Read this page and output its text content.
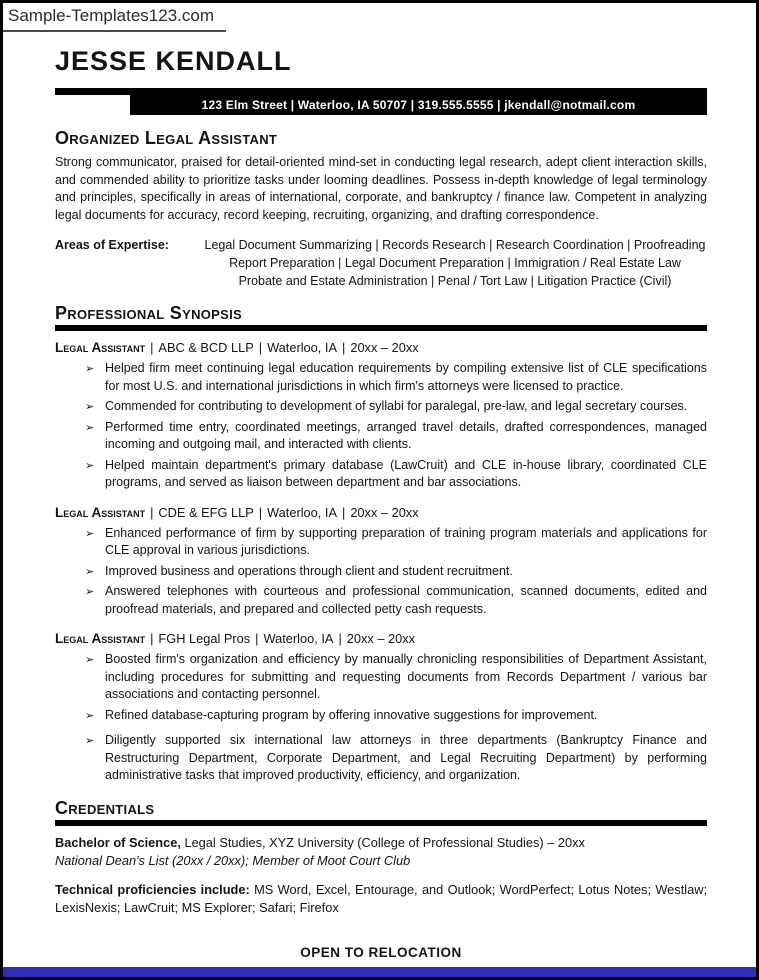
Sample-Templates123.com
JESSE KENDALL
123 Elm Street | Waterloo, IA 50707 | 319.555.5555 | jkendall@notmail.com
Organized Legal Assistant

Strong communicator, praised for detail-oriented mind-set in conducting legal research, adept client interaction skills, and commended ability to prioritize tasks under looming deadlines. Possess in-depth knowledge of legal terminology and principles, specifically in areas of international, corporate, and bankruptcy / finance law. Competent in analyzing legal documents for accuracy, record keeping, recruiting, organizing, and drafting correspondence.

Areas of Expertise:	Legal Document Summarizing | Records Research | Research Coordination | Proofreading
Report Preparation | Legal Document Preparation | Immigration / Real Estate Law
Probate and Estate Administration | Penal / Tort Law | Litigation Practice (Civil)
Professional Synopsis
Legal Assistant | ABC & BCD LLP | Waterloo, IA | 20xx – 20xx
➢ Helped firm meet continuing legal education requirements by compiling extensive list of CLE specifications for most U.S. and international jurisdictions in which firm's attorneys were licensed to practice.
➢ Commended for contributing to development of syllabi for paralegal, pre-law, and legal secretary courses.
➢ Performed time entry, coordinated meetings, arranged travel details, drafted correspondences, managed incoming and outgoing mail, and interacted with clients.
➢ Helped maintain department's primary database (LawCruit) and CLE in-house library, coordinated CLE programs, and served as liaison between department and bar associations.
Legal Assistant | CDE & EFG LLP | Waterloo, IA | 20xx – 20xx
➢ Enhanced performance of firm by supporting preparation of training program materials and applications for CLE approval in various jurisdictions.
➢ Improved business and operations through client and student recruitment.
➢ Answered telephones with courteous and professional communication, scanned documents, edited and proofread materials, and prepared and collected petty cash requests.
Legal Assistant | FGH Legal Pros | Waterloo, IA | 20xx – 20xx
➢ Boosted firm's organization and efficiency by manually chronicling responsibilities of Department Assistant, including procedures for submitting and requesting documents from Records Department / various bar associations and contacting personnel.
➢ Refined database-capturing program by offering innovative suggestions for improvement.
➢ Diligently supported six international law attorneys in three departments (Bankruptcy Finance and Restructuring Department, Corporate Department, and Legal Recruiting Department) by performing administrative tasks that improved productivity, efficiency, and organization.
Credentials
Bachelor of Science, Legal Studies, XYZ University (College of Professional Studies) – 20xx
National Dean's List (20xx / 20xx); Member of Moot Court Club

Technical proficiencies include: MS Word, Excel, Entourage, and Outlook; WordPerfect; Lotus Notes; Westlaw; LexisNexis; LawCruit; MS Explorer; Safari; Firefox

OPEN TO RELOCATION
